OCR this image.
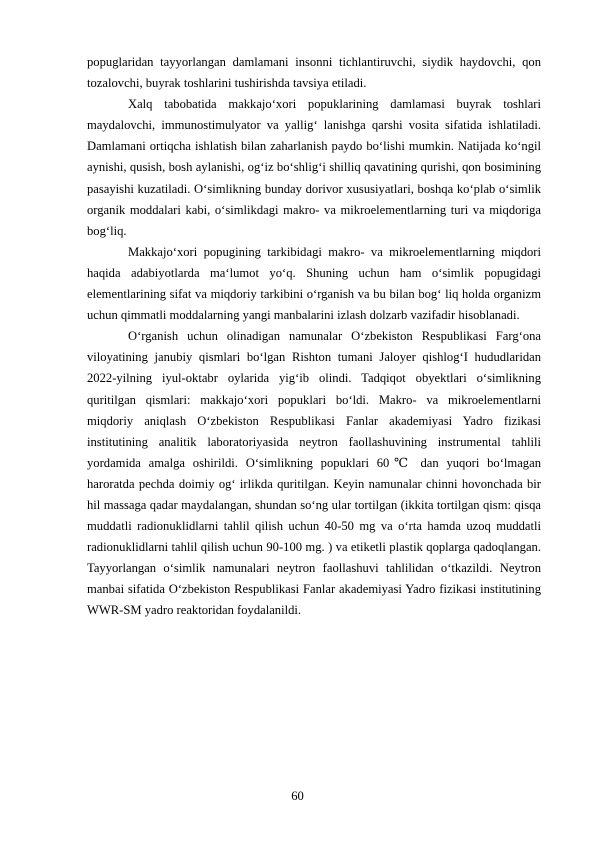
popuglaridan tayyorlangan damlamani insonni tichlantiruvchi, siydik haydovchi, qon tozalovchi, buyrak toshlarini tushirishda tavsiya etiladi.

Xalq tabobatida makkajo‘xori popuklarining damlamasi buyrak toshlari maydalovchi, immunostimulyator va yallig‘ lanishga qarshi vosita sifatida ishlatiladi. Damlamani ortiqcha ishlatish bilan zaharlanish paydo bo‘lishi mumkin. Natijada ko‘ngil aynishi, qusish, bosh aylanishi, og‘iz bo‘shlig‘i shilliq qavatining qurishi, qon bosimining pasayishi kuzatiladi. O‘simlikning bunday dorivor xususiyatlari, boshqa ko‘plab o‘simlik organik moddalari kabi, o‘simlikdagi makro- va mikroelementlarning turi va miqdoriga bog‘liq.

Makkajo‘xori popugining tarkibidagi makro- va mikroelementlarning miqdori haqida adabiyotlarda ma‘lumot yo‘q. Shuning uchun ham o‘simlik popugidagi elementlarining sifat va miqdoriy tarkibini o‘rganish va bu bilan bog‘ liq holda organizm uchun qimmatli moddalarning yangi manbalarini izlash dolzarb vazifadir hisoblanadi.

O‘rganish uchun olinadigan namunalar O‘zbekiston Respublikasi Farg‘ona viloyatining janubiy qismlari bo‘lgan Rishton tumani Jaloyer qishlog‘I hududlaridan 2022-yilning iyul-oktabr oylarida yig‘ib olindi. Tadqiqot obyektlari o‘simlikning quritilgan qismlari: makkajo‘xori popuklari bo‘ldi. Makro- va mikroelementlarni miqdoriy aniqlash O‘zbekiston Respublikasi Fanlar akademiyasi Yadro fizikasi institutining analitik laboratoriyasida neytron faollashuvining instrumental tahlili yordamida amalga oshirildi. O‘simlikning popuklari 60℃ dan yuqori bo‘lmagan haroratda pechda doimiy og‘ irlikda quritilgan. Keyin namunalar chinni hovonchada bir hil massaga qadar maydalangan, shundan so‘ng ular tortilgan (ikkita tortilgan qism: qisqa muddatli radionuklidlarni tahlil qilish uchun 40-50 mg va o‘rta hamda uzoq muddatli radionuklidlarni tahlil qilish uchun 90-100 mg. ) va etiketli plastik qoplarga qadoqlangan. Tayyorlangan o‘simlik namunalari neytron faollashuvi tahlilidan o‘tkazildi. Neytron manbai sifatida O‘zbekiston Respublikasi Fanlar akademiyasi Yadro fizikasi institutining WWR-SM yadro reaktoridan foydalanildi.

60
